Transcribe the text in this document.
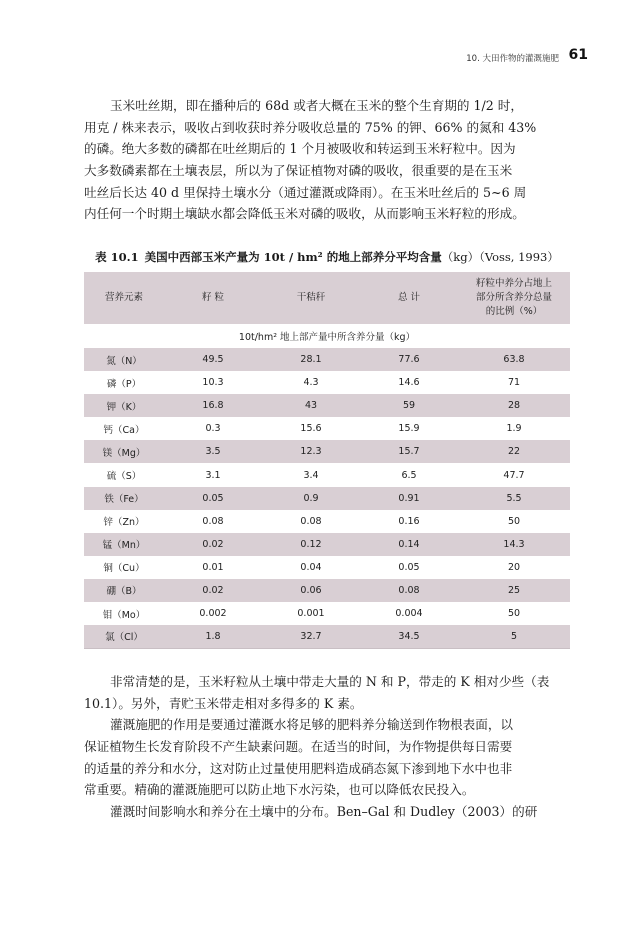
10. 大田作物的灌溉施肥 61
玉米吐丝期，即在播种后的 68d 或者大概在玉米的整个生育期的 1/2 时，
用克 / 株来表示，吸收占到收获时养分吸收总量的 75% 的钾、66% 的氮和 43%
的磷。绝大多数的磷都在吐丝期后的 1 个月被吸收和转运到玉米籽粒中。因为
大多数磷素都在土壤表层，所以为了保证植物对磷的吸收，很重要的是在玉米
吐丝后长达 40 d 里保持土壤水分（通过灌溉或降雨）。在玉米吐丝后的 5~6 周
内任何一个时期土壤缺水都会降低玉米对磷的吸收，从而影响玉米籽粒的形成。
表 10.1 美国中西部玉米产量为 10t / hm² 的地上部养分平均含量（kg）（Voss, 1993）
营养元素	籽 粒	干秸秆	总 计	籽粒中养分占地上
部分所含养分总量
的比例（%）

10t/hm² 地上部产量中所含养分量（kg）				
氮（N）	49.5	28.1	77.6	63.8
磷（P）	10.3	4.3	14.6	71
钾（K）	16.8	43	59	28
钙（Ca）	0.3	15.6	15.9	1.9
镁（Mg）	3.5	12.3	15.7	22
硫（S）	3.1	3.4	6.5	47.7
铁（Fe）	0.05	0.9	0.91	5.5
锌（Zn）	0.08	0.08	0.16	50
锰（Mn）	0.02	0.12	0.14	14.3
铜（Cu）	0.01	0.04	0.05	20
硼（B）	0.02	0.06	0.08	25
钼（Mo）	0.002	0.001	0.004	50
氯（Cl）	1.8	32.7	34.5	5
非常清楚的是，玉米籽粒从土壤中带走大量的 N 和 P，带走的 K 相对少些（表
10.1）。另外，青贮玉米带走相对多得多的 K 素。
灌溉施肥的作用是要通过灌溉水将足够的肥料养分输送到作物根表面，以
保证植物生长发育阶段不产生缺素问题。在适当的时间，为作物提供每日需要
的适量的养分和水分，这对防止过量使用肥料造成硝态氮下渗到地下水中也非
常重要。精确的灌溉施肥可以防止地下水污染，也可以降低农民投入。
灌溉时间影响水和养分在土壤中的分布。Ben–Gal 和 Dudley（2003）的研
